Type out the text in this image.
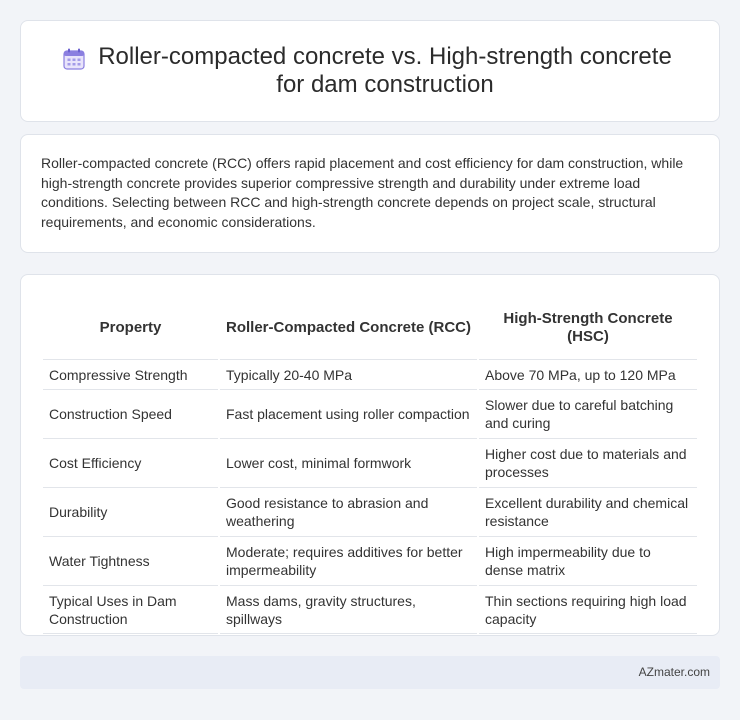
Roller-compacted concrete vs. High-strength concrete for dam construction

Roller-compacted concrete (RCC) offers rapid placement and cost efficiency for dam construction, while high-strength concrete provides superior compressive strength and durability under extreme load conditions. Selecting between RCC and high-strength concrete depends on project scale, structural requirements, and economic considerations.

Property	Roller-Compacted Concrete (RCC)	High-Strength Concrete (HSC)
Compressive Strength	Typically 20-40 MPa	Above 70 MPa, up to 120 MPa
Construction Speed	Fast placement using roller compaction	Slower due to careful batching and curing
Cost Efficiency	Lower cost, minimal formwork	Higher cost due to materials and processes
Durability	Good resistance to abrasion and weathering	Excellent durability and chemical resistance
Water Tightness	Moderate; requires additives for better impermeability	High impermeability due to dense matrix
Typical Uses in Dam Construction	Mass dams, gravity structures, spillways	Thin sections requiring high load capacity
AZmater.com
